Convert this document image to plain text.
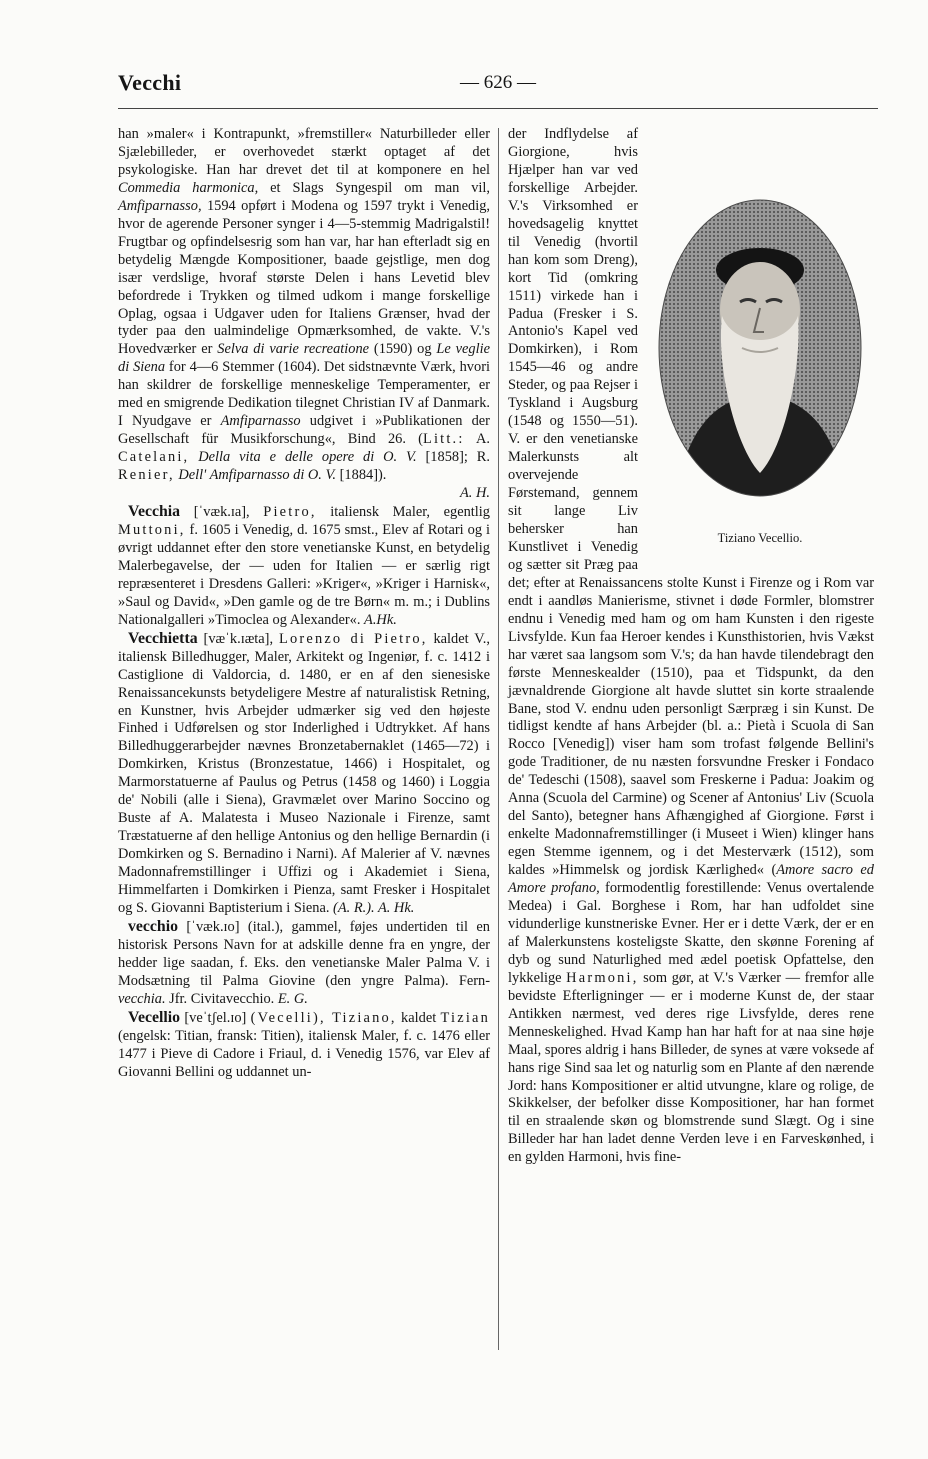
Vecchi	— 626 —

han »maler« i Kontrapunkt, »fremstiller« Naturbilleder eller Sjælebilleder, er overhovedet stærkt optaget af det psykologiske. Han har drevet det til at komponere en hel Commedia harmonica, et Slags Syngespil om man vil, Amfiparnasso, 1594 opført i Modena og 1597 trykt i Venedig, hvor de agerende Personer synger i 4—5-stemmig Madrigalstil! Frugtbar og opfindelsesrig som han var, har han efterladt sig en betydelig Mængde Kompositioner, baade gejstlige, men dog især verdslige, hvoraf største Delen i hans Levetid blev befordrede i Trykken og tilmed udkom i mange forskellige Oplag, ogsaa i Udgaver uden for Italiens Grænser, hvad der tyder paa den ualmindelige Opmærksomhed, de vakte. V.'s Hovedværker er Selva di varie recreatione (1590) og Le veglie di Siena for 4—6 Stemmer (1604). Det sidstnævnte Værk, hvori han skildrer de forskellige menneskelige Temperamenter, er med en smigrende Dedikation tilegnet Christian IV af Danmark. I Nyudgave er Amfiparnasso udgivet i »Publikationen der Gesellschaft für Musikforschung«, Bind 26. (Litt.: A. Catelani, Della vita e delle opere di O. V. [1858]; R. Renier, Dell' Amfiparnasso di O. V. [1884]).
A. H.

Vecchia [ˈvæk.ɪa], Pietro, italiensk Maler, egentlig Muttoni, f. 1605 i Venedig, d. 1675 smst., Elev af Rotari og i øvrigt uddannet efter den store venetianske Kunst, en betydelig Malerbegavelse, der — uden for Italien — er særlig rigt repræsenteret i Dresdens Galleri: »Kriger«, »Kriger i Harnisk«, »Saul og David«, »Den gamle og de tre Børn« m. m.; i Dublins Nationalgalleri »Timoclea og Alexander«. A.Hk.

Vecchietta [væˈk.ɪæta], Lorenzo di Pietro, kaldet V., italiensk Billedhugger, Maler, Arkitekt og Ingeniør, f. c. 1412 i Castiglione di Valdorcia, d. 1480, er en af den sienesiske Renaissancekunsts betydeligere Mestre af naturalistisk Retning, en Kunstner, hvis Arbejder udmærker sig ved den højeste Finhed i Udførelsen og stor Inderlighed i Udtrykket. Af hans Billedhuggerarbejder nævnes Bronzetabernaklet (1465—72) i Domkirken, Kristus (Bronzestatue, 1466) i Hospitalet, og Marmorstatuerne af Paulus og Petrus (1458 og 1460) i Loggia de' Nobili (alle i Siena), Gravmælet over Marino Soccino og Buste af A. Malatesta i Museo Nazionale i Firenze, samt Træstatuerne af den hellige Antonius og den hellige Bernardin (i Domkirken og S. Bernadino i Narni). Af Malerier af V. nævnes Madonnafremstillinger i Uffizi og i Akademiet i Siena, Himmelfarten i Domkirken i Pienza, samt Fresker i Hospitalet og S. Giovanni Baptisterium i Siena. (A. R.). A. Hk.

vecchio [ˈvæk.ɪo] (ital.), gammel, føjes undertiden til en historisk Persons Navn for at adskille denne fra en yngre, der hedder lige saadan, f. Eks. den venetianske Maler Palma V. i Modsætning til Palma Giovine (den yngre Palma). Fern-vecchia. Jfr. Civitavecchio. E. G.

Vecellio [veˈtʃel.ɪo] (Vecelli), Tiziano, kaldet Tizian (engelsk: Titian, fransk: Titien), italiensk Maler, f. c. 1476 eller 1477 i Pieve di Cadore i Friaul, d. i Venedig 1576, var Elev af Giovanni Bellini og uddannet un-

Tiziano Vecellio.

der Indflydelse af Giorgione, hvis Hjælper han var ved forskellige Arbejder. V.'s Virksomhed er hovedsagelig knyttet til Venedig (hvortil han kom som Dreng), kort Tid (omkring 1511) virkede han i Padua (Fresker i S. Antonio's Kapel ved Domkirken), i Rom 1545—46 og andre Steder, og paa Rejser i Tyskland i Augsburg (1548 og 1550—51). V. er den venetianske Malerkunsts alt overvejende Førstemand, gennem sit lange Liv behersker han Kunstlivet i Venedig og sætter sit Præg paa det; efter at Renaissancens stolte Kunst i Firenze og i Rom var endt i aandløs Manierisme, stivnet i døde Formler, blomstrer endnu i Venedig med ham og om ham Kunsten i den rigeste Livsfylde. Kun faa Heroer kendes i Kunsthistorien, hvis Vækst har været saa langsom som V.'s; da han havde tilendebragt den første Menneskealder (1510), paa et Tidspunkt, da den jævnaldrende Giorgione alt havde sluttet sin korte straalende Bane, stod V. endnu uden personligt Særpræg i sin Kunst. De tidligst kendte af hans Arbejder (bl. a.: Pietà i Scuola di San Rocco [Venedig]) viser ham som trofast følgende Bellini's gode Traditioner, de nu næsten forsvundne Fresker i Fondaco de' Tedeschi (1508), saavel som Freskerne i Padua: Joakim og Anna (Scuola del Carmine) og Scener af Antonius' Liv (Scuola del Santo), betegner hans Afhængighed af Giorgione. Først i enkelte Madonnafremstillinger (i Museet i Wien) klinger hans egen Stemme igennem, og i det Mesterværk (1512), som kaldes »Himmelsk og jordisk Kærlighed« (Amore sacro ed Amore profano, formodentlig forestillende: Venus overtalende Medea) i Gal. Borghese i Rom, har han udfoldet sine vidunderlige kunstneriske Evner. Her er i dette Værk, der er en af Malerkunstens kosteligste Skatte, den skønne Forening af dyb og sund Naturlighed med ædel poetisk Opfattelse, den lykkelige Harmoni, som gør, at V.'s Værker — fremfor alle bevidste Efterligninger — er i moderne Kunst de, der staar Antikken nærmest, ved deres rige Livsfylde, deres rene Menneskelighed. Hvad Kamp han har haft for at naa sine høje Maal, spores aldrig i hans Billeder, de synes at være voksede af hans rige Sind saa let og naturlig som en Plante af den nærende Jord: hans Kompositioner er altid utvungne, klare og rolige, de Skikkelser, der befolker disse Kompositioner, har han formet til en straalende skøn og blomstrende sund Slægt. Og i sine Billeder har han ladet denne Verden leve i en Farveskønhed, i en gylden Harmoni, hvis fine-
